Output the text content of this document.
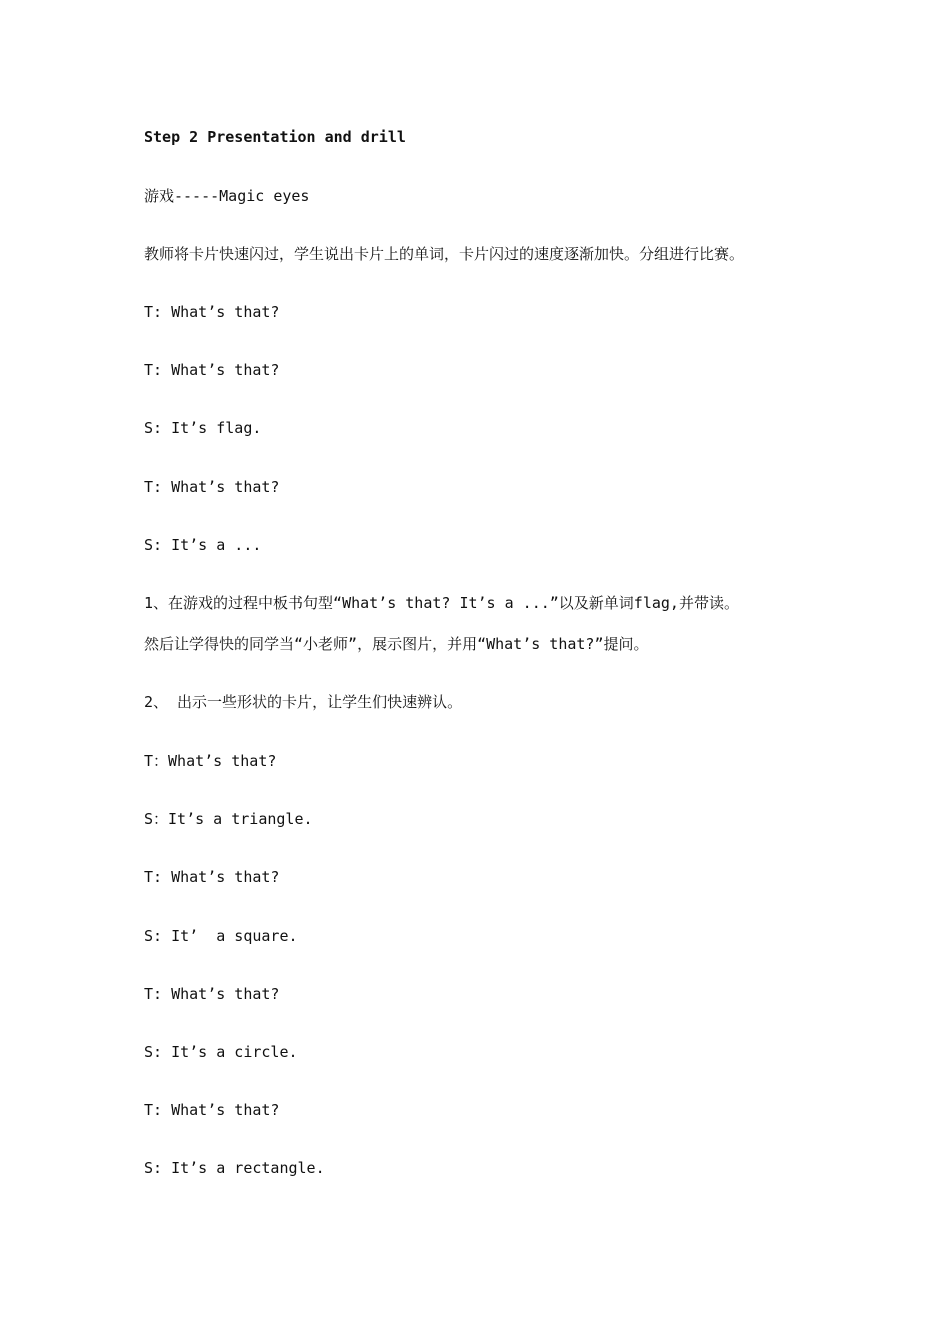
Step 2 Presentation and drill

游戏-----Magic eyes

教师将卡片快速闪过，学生说出卡片上的单词，卡片闪过的速度逐渐加快。分组进行比赛。

T: What’s that?

T: What’s that?

S: It’s flag.

T: What’s that?

S: It’s a ...

1、在游戏的过程中板书句型“What’s that? It’s a ...”以及新单词flag,并带读。

然后让学得快的同学当“小老师”，展示图片，并用“What’s that?”提问。

2、 出示一些形状的卡片，让学生们快速辨认。

T：What’s that?

S：It’s a triangle.

T: What’s that?

S: It’  a square.

T: What’s that?

S: It’s a circle.

T: What’s that?

S: It’s a rectangle.
